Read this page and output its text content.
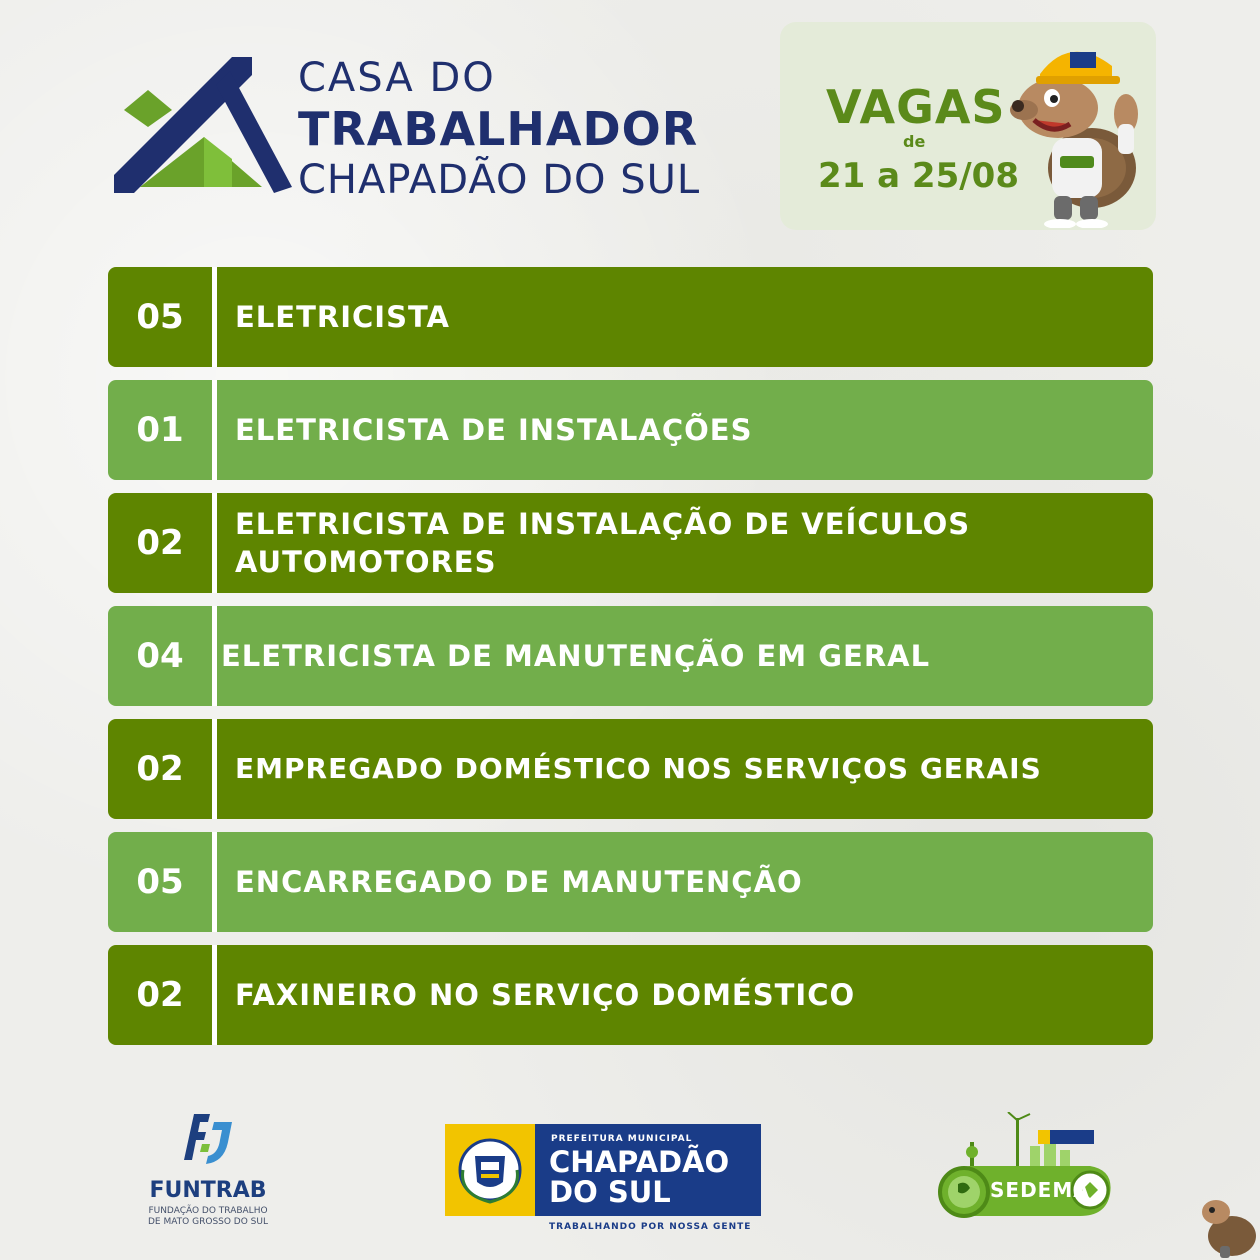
CASA DO
TRABALHADOR
CHAPADÃO DO SUL
VAGAS
de
21 a 25/08
05	ELETRICISTA
01	ELETRICISTA DE INSTALAÇÕES
02	ELETRICISTA DE INSTALAÇÃO DE VEÍCULOS AUTOMOTORES
04	ELETRICISTA DE MANUTENÇÃO EM GERAL
02	EMPREGADO DOMÉSTICO NOS SERVIÇOS GERAIS
05	ENCARREGADO DE MANUTENÇÃO
02	FAXINEIRO NO SERVIÇO DOMÉSTICO
FUNTRAB
FUNDAÇÃO DO TRABALHO
DE MATO GROSSO DO SUL
PREFEITURA MUNICIPAL
CHAPADÃO
DO SUL
TRABALHANDO POR NOSSA GENTE
SEDEMA
